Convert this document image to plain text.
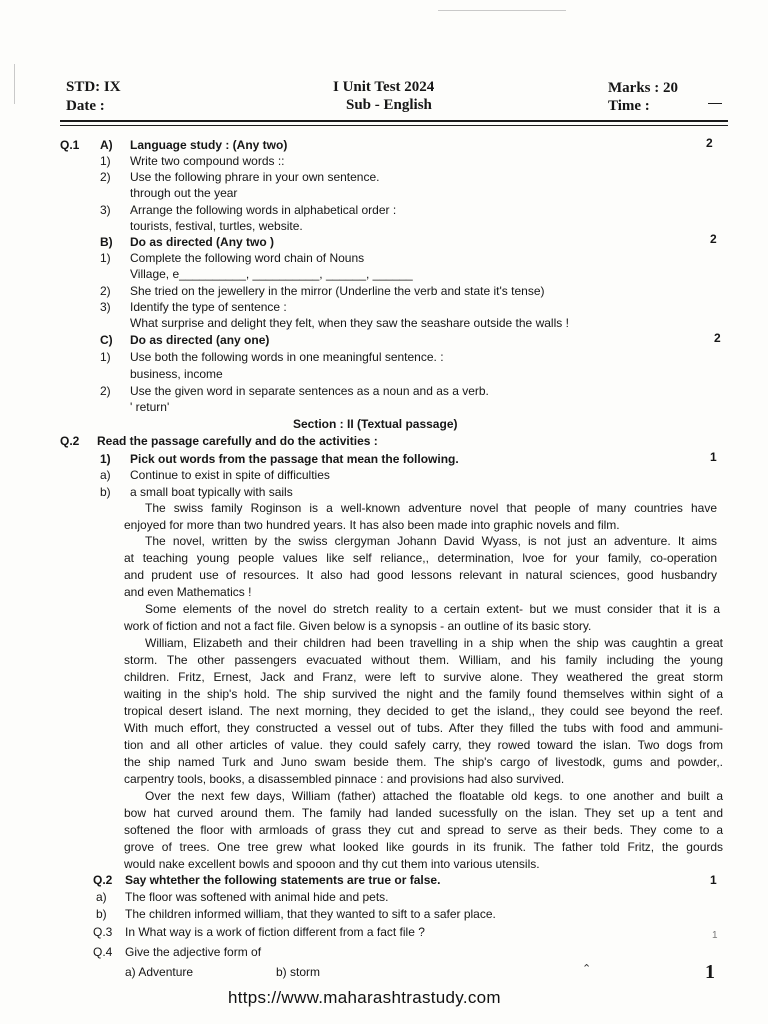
STD: IX
Date :
I Unit Test 2024
Sub - English
Marks : 20
Time :
Q.1 A) Language study : (Any two)	2
1) Write two compound words ::
2) Use the following phrare in your own sentence.
through out the year
3) Arrange the following words in alphabetical order :
tourists, festival, turtles, website.
B) Do as directed (Any two )	2
1) Complete the following word chain of Nouns
Village, e__________, __________, ______, ______
2) She tried on the jewellery in the mirror (Underline the verb and state it's tense)
3) Identify the type of sentence :
What surprise and delight they felt, when they saw the seashare outside the walls !
C) Do as directed (any one)	2
1) Use both the following words in one meaningful sentence. :
business, income
2) Use the given word in separate sentences as a noun and as a verb.
' return'
Section : II (Textual passage)
Q.2 Read the passage carefully and do the activities :
1) Pick out words from the passage that mean the following.	1
a) Continue to exist in spite of difficulties
b) a small boat typically with sails
The swiss family Roginson is a well-known adventure novel that people of many countries have
enjoyed for more than two hundred years. It has also been made into graphic novels and film.
The novel, written by the swiss clergyman Johann David Wyass, is not just an adventure. It aims
at teaching young people values like self reliance,, determination, lvoe for your family, co-operation
and prudent use of resources. It also had good lessons relevant in natural sciences, good husbandry
and even Mathematics !
Some elements of the novel do stretch reality to a certain extent- but we must consider that it is a
work of fiction and not a fact file. Given below is a synopsis - an outline of its basic story.
William, Elizabeth and their children had been travelling in a ship when the ship was caughtin a great
storm. The other passengers evacuated without them. William, and his family including the young
children. Fritz, Ernest, Jack and Franz, were left to survive alone. They weathered the great storm
waiting in the ship's hold. The ship survived the night and the family found themselves within sight of a
tropical desert island. The next morning, they decided to get the island,, they could see beyond the reef.
With much effort, they constructed a vessel out of tubs. After they filled the tubs with food and ammuni-
tion and all other articles of value. they could safely carry, they rowed toward the islan. Two dogs from
the ship named Turk and Juno swam beside them. The ship's cargo of livestodk, gums and powder,.
carpentry tools, books, a disassembled pinnace : and provisions had also survived.
Over the next few days, William (father) attached the floatable old kegs. to one another and built a
bow hat curved around them. The family had landed sucessfully on the islan. They set up a tent and
softened the floor with armloads of grass they cut and spread to serve as their beds. They come to a
grove of trees. One tree grew what looked like gourds in its frunik. The father told Fritz, the gourds
would nake excellent bowls and spooon and thy cut them into various utensils.
Q.2 Say whtether the following statements are true or false.	1
a) The floor was softened with animal hide and pets.
b) The children informed william, that they wanted to sift to a safer place.
Q.3 In What way is a work of fiction different from a fact file ?	1
Q.4 Give the adjective form of
a) Adventure	b) storm	⌃	1
https://www.maharashtrastudy.com
